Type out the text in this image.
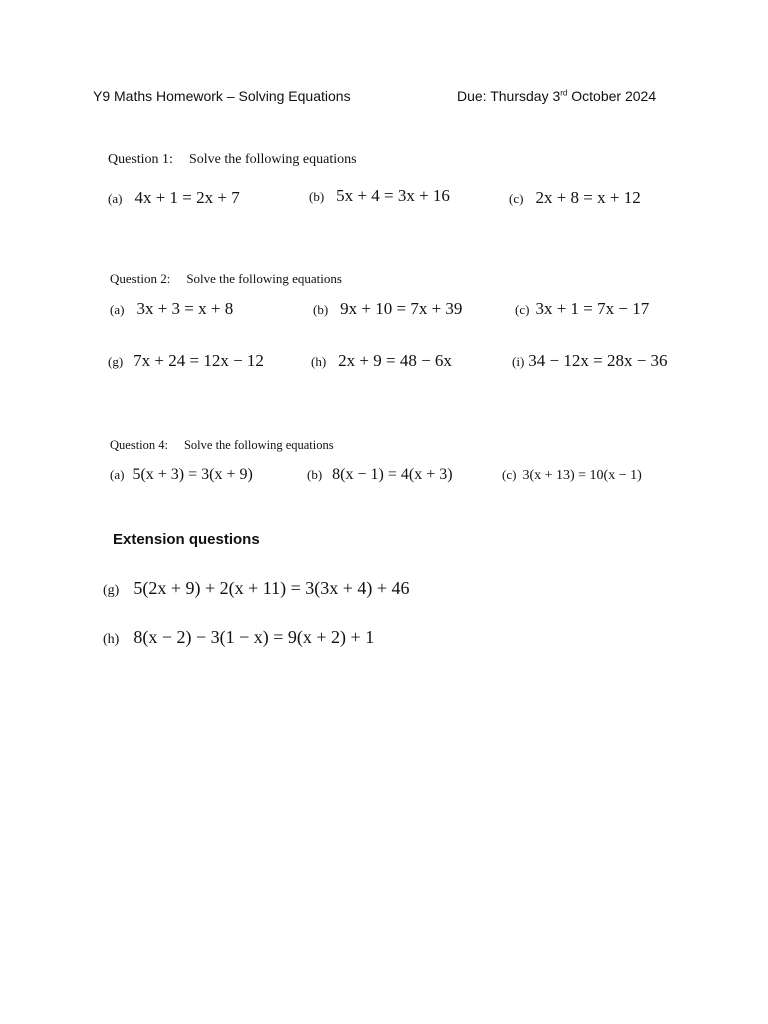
Y9 Maths Homework – Solving Equations	Due: Thursday 3rd October 2024
Question 1: Solve the following equations
(a) 4x + 1 = 2x + 7	(b) 5x + 4 = 3x + 16	(c) 2x + 8 = x + 12
Question 2: Solve the following equations
(a) 3x + 3 = x + 8	(b) 9x + 10 = 7x + 39	(c) 3x + 1 = 7x − 17
(g) 7x + 24 = 12x − 12	(h) 2x + 9 = 48 − 6x	(i) 34 − 12x = 28x − 36
Question 4: Solve the following equations
(a) 5(x + 3) = 3(x + 9)	(b) 8(x − 1) = 4(x + 3)	(c) 3(x + 13) = 10(x − 1)
Extension questions
(g) 5(2x + 9) + 2(x + 11) = 3(3x + 4) + 46
(h) 8(x − 2) − 3(1 − x) = 9(x + 2) + 1
